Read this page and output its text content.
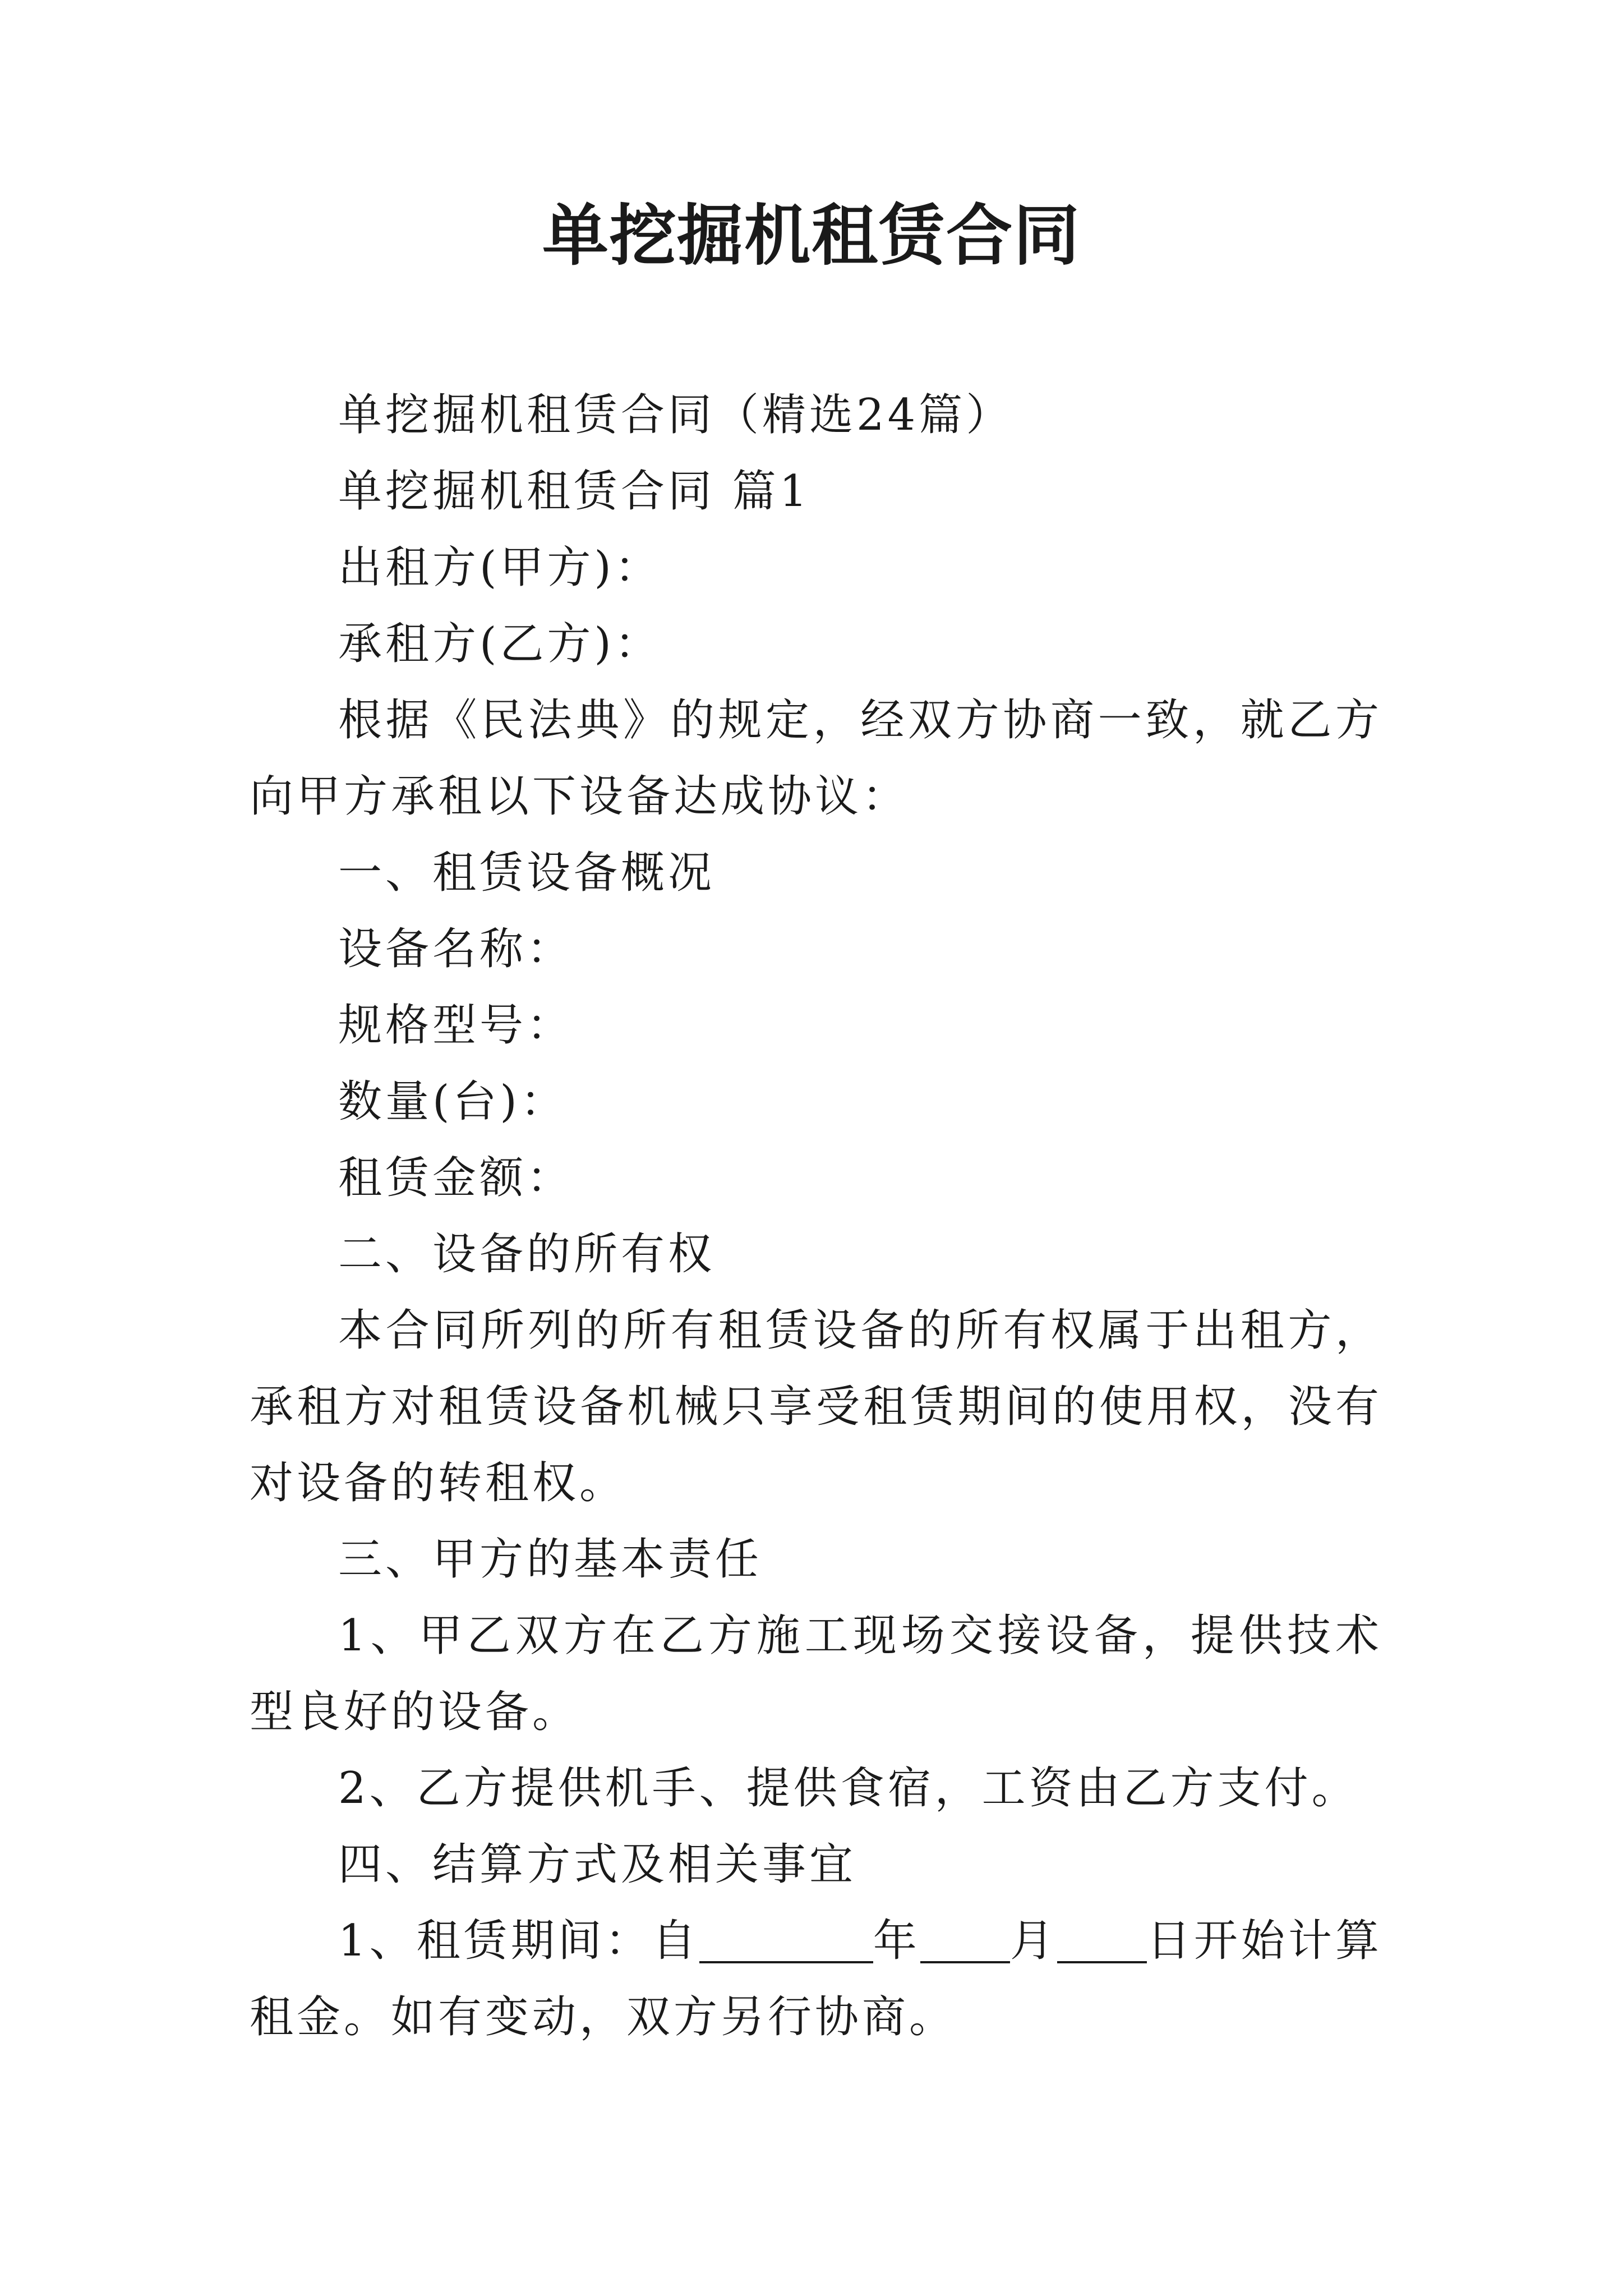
单挖掘机租赁合同

单挖掘机租赁合同（精选24篇）

单挖掘机租赁合同 篇1

出租方(甲方)：

承租方(乙方)：

根据《民法典》的规定，经双方协商一致，就乙方向甲方承租以下设备达成协议：

一、租赁设备概况

设备名称：

规格型号：

数量(台)：

租赁金额：

二、设备的所有权

本合同所列的所有租赁设备的所有权属于出租方，承租方对租赁设备机械只享受租赁期间的使用权，没有对设备的转租权。

三、甲方的基本责任

1、甲乙双方在乙方施工现场交接设备，提供技术型良好的设备。

2、乙方提供机手、提供食宿，工资由乙方支付。

四、结算方式及相关事宜

1、租赁期间：自	年 月 日开始计算租金。如有变动，双方另行协商。
